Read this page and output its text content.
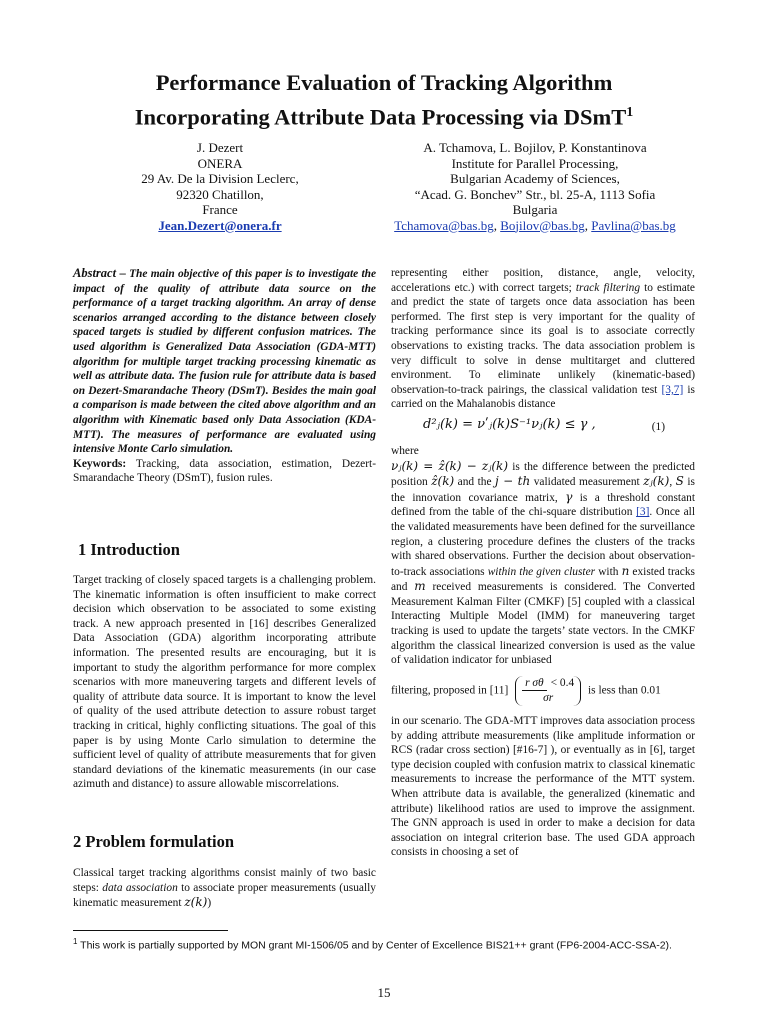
Performance Evaluation of Tracking Algorithm
Incorporating Attribute Data Processing via DSmT$^1$
J. Dezert
ONERA
29 Av. De la Division Leclerc,
92320 Chatillon,
France
Jean.Dezert@onera.fr
A. Tchamova, L. Bojilov, P. Konstantinova
Institute for Parallel Processing,
Bulgarian Academy of Sciences,
“Acad. G. Bonchev” Str., bl. 25-A, 1113 Sofia
Bulgaria
Tchamova@bas.bg, Bojilov@bas.bg, Pavlina@bas.bg

Abstract – The main objective of this paper is to investigate the impact of the quality of attribute data source on the performance of a target tracking algorithm. An array of dense scenarios arranged according to the distance between closely spaced targets is studied by different confusion matrices. The used algorithm is Generalized Data Association (GDA-MTT) algorithm for multiple target tracking processing kinematic as well as attribute data. The fusion rule for attribute data is based on Dezert-Smarandache Theory (DSmT). Besides the main goal a comparison is made between the cited above algorithm and an algorithm with Kinematic based only Data Association (KDA-MTT). The measures of performance are evaluated using intensive Monte Carlo simulation.

Keywords: Tracking, data association, estimation, Dezert-Smarandache Theory (DSmT), fusion rules.

1 Introduction

Target tracking of closely spaced targets is a challenging problem. The kinematic information is often insufficient to make correct decision which observation to be associated to some existing track. A new approach presented in [16] describes Generalized Data Association (GDA) algorithm incorporating attribute information. The presented results are encouraging, but it is important to study the algorithm performance for more complex scenarios with more maneuvering targets and different levels of quality of attribute data source. It is important to know the level of quality of the used attribute detection to assure robust target tracking in critical, highly conflicting situations. The goal of this paper is by using Monte Carlo simulation to determine the sufficient level of quality of attribute measurements that for given standard deviations of the kinematic measurements (in our case azimuth and distance) to assure allowable miscorrelations.

2 Problem formulation

Classical target tracking algorithms consist mainly of two basic steps: data association to associate proper measurements (usually kinematic measurement z(k))

representing either position, distance, angle, velocity, accelerations etc.) with correct targets; track filtering to estimate and predict the state of targets once data association has been performed. The first step is very important for the quality of tracking performance since its goal is to associate correctly observations to existing tracks. The data association problem is very difficult to solve in dense multitarget and cluttered environment. To eliminate unlikely (kinematic-based) observation-to-track pairings, the classical validation test [3,7] is carried on the Mahalanobis distance

d²ⱼ(k) = νʹⱼ(k)S⁻¹νⱼ(k) ≤ γ ,	(1)

where

νⱼ(k) = ẑ(k) − zⱼ(k) is the difference between the predicted position ẑ(k) and the j − th validated measurement zⱼ(k), S is the innovation covariance matrix, γ is a threshold constant defined from the table of the chi-square distribution [3]. Once all the validated measurements have been defined for the surveillance region, a clustering procedure defines the clusters of the tracks with shared observations. Further the decision about observation-to-track associations within the given cluster with n existed tracks and m received measurements is considered. The Converted Measurement Kalman Filter (CMKF) [5] coupled with a classical Interacting Multiple Model (IMM) for maneuvering target tracking is used to update the targets’ state vectors. In the CMKF algorithm the classical linearized conversion is used as the value of validation indicator for unbiased

filtering, proposed in [11] r σθ < 0.4
σr is less than 0.01

in our scenario. The GDA-MTT improves data association process by adding attribute measurements (like amplitude information or RCS (radar cross section) [#16-7] ), or eventually as in [6], target type decision coupled with confusion matrix to classical kinematic measurements to increase the performance of the MTT system. When attribute data is available, the generalized (kinematic and attribute) likelihood ratios are used to improve the assignment. The GNN approach is used in order to make a decision for data association on integral criterion base. The used GDA approach consists in choosing a set of

$^1$ This work is partially supported by MON grant MI-1506/05 and by Center of Excellence BIS21++ grant (FP6-2004-ACC-SSA-2).
15
